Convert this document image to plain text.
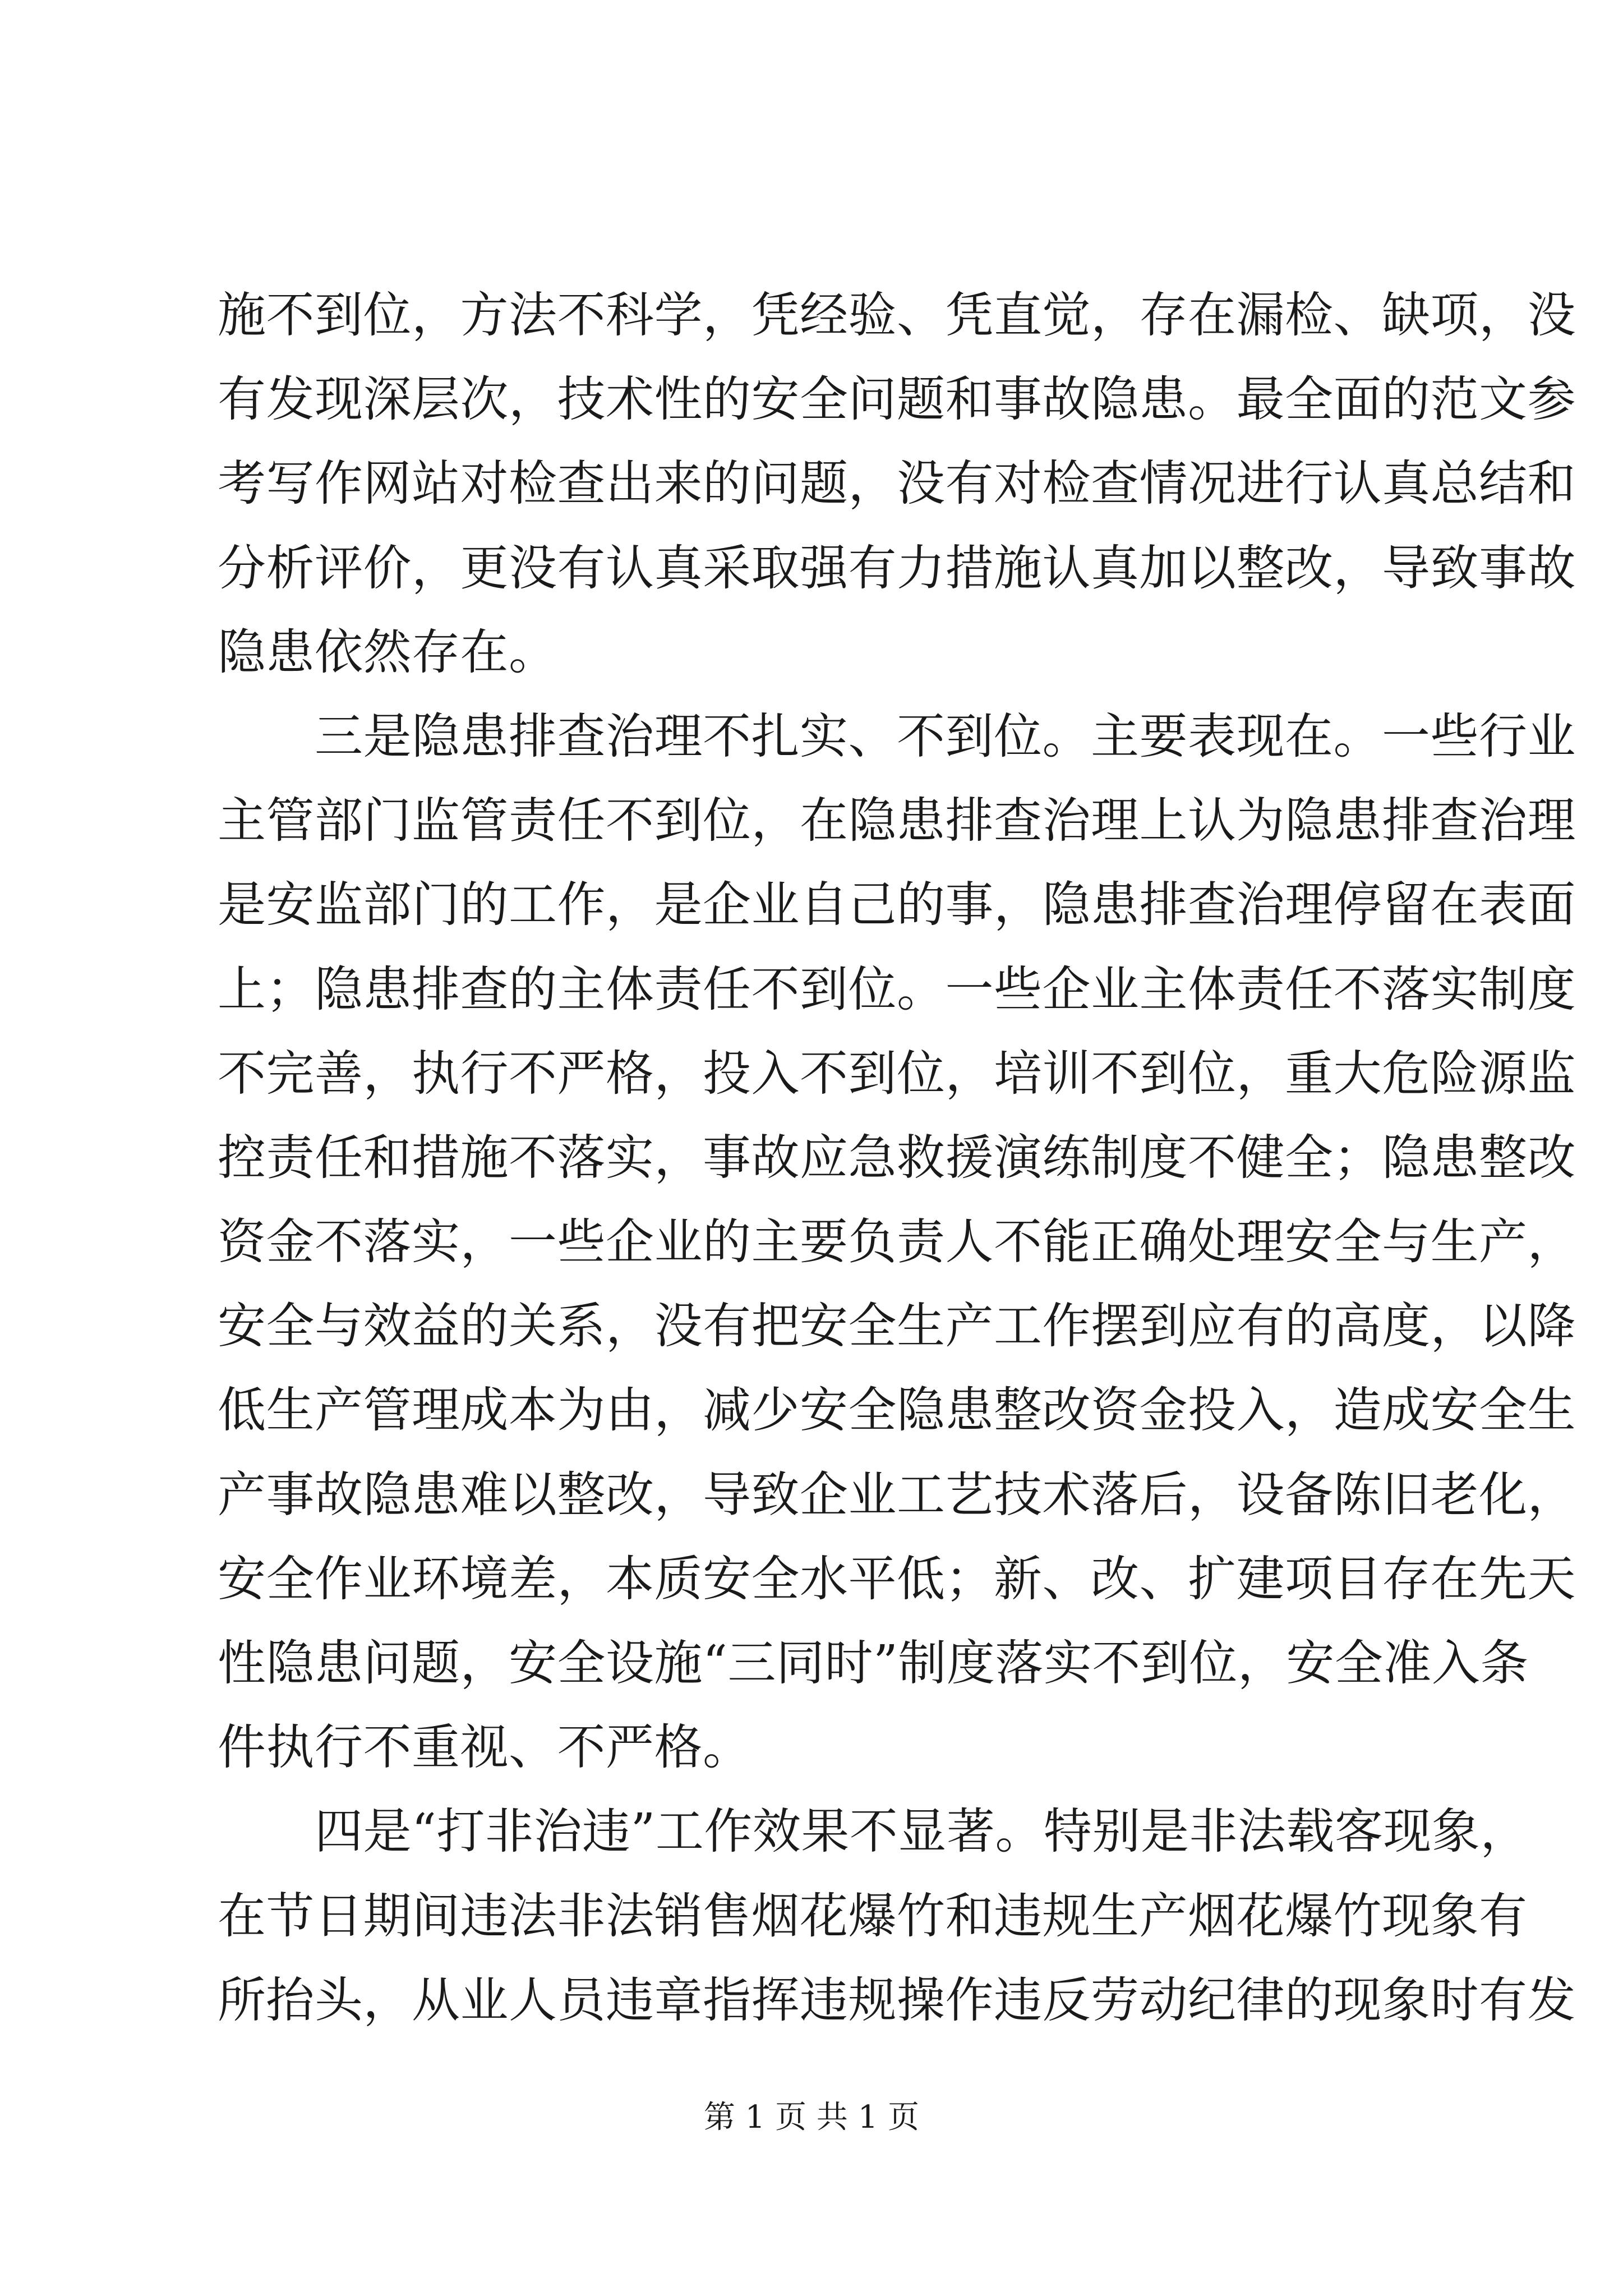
施不到位，方法不科学，凭经验、凭直觉，存在漏检、缺项，没
有发现深层次，技术性的安全问题和事故隐患。最全面的范文参
考写作网站对检查出来的问题，没有对检查情况进行认真总结和
分析评价，更没有认真采取强有力措施认真加以整改，导致事故
隐患依然存在。
　　三是隐患排查治理不扎实、不到位。主要表现在。一些行业
主管部门监管责任不到位，在隐患排查治理上认为隐患排查治理
是安监部门的工作，是企业自己的事，隐患排查治理停留在表面
上；隐患排查的主体责任不到位。一些企业主体责任不落实制度
不完善，执行不严格，投入不到位，培训不到位，重大危险源监
控责任和措施不落实，事故应急救援演练制度不健全；隐患整改
资金不落实，一些企业的主要负责人不能正确处理安全与生产，
安全与效益的关系，没有把安全生产工作摆到应有的高度，以降
低生产管理成本为由，减少安全隐患整改资金投入，造成安全生
产事故隐患难以整改，导致企业工艺技术落后，设备陈旧老化，
安全作业环境差，本质安全水平低；新、改、扩建项目存在先天
性隐患问题，安全设施“三同时”制度落实不到位，安全准入条
件执行不重视、不严格。
　　四是“打非治违”工作效果不显著。特别是非法载客现象，
在节日期间违法非法销售烟花爆竹和违规生产烟花爆竹现象有
所抬头，从业人员违章指挥违规操作违反劳动纪律的现象时有发
第 1 页 共 1 页
